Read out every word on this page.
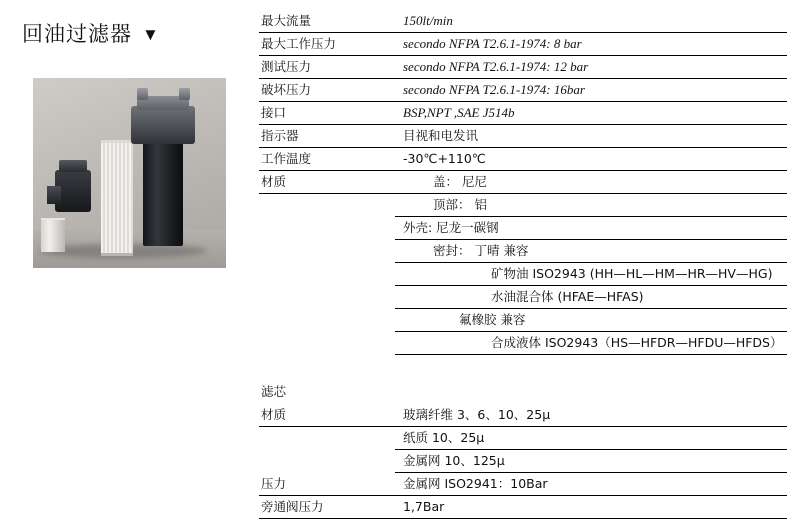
回油过滤器 ▼
最大流量	150lt/min
最大工作压力	secondo NFPA T2.6.1-1974: 8 bar
测试压力	secondo NFPA T2.6.1-1974: 12 bar
破坏压力	secondo NFPA T2.6.1-1974: 16bar
接口	BSP,NPT ,SAE J514b
指示器	目视和电发讯
工作温度	-30℃+110℃
材质	盖： 尼尼
顶部： 铝
外壳: 尼龙一碳钢
密封： 丁晴 兼容
矿物油 ISO2943 (HH—HL—HM—HR—HV—HG)
水油混合体 (HFAE—HFAS)
氟橡胶 兼容
合成液体 ISO2943（HS—HFDR—HFDU—HFDS）
滤芯
材质	玻璃纤维 3、6、10、25μ
纸质 10、25μ
金属网 10、125μ
压力	金属网 ISO2941：10Bar
旁通阀压力	1,7Bar
